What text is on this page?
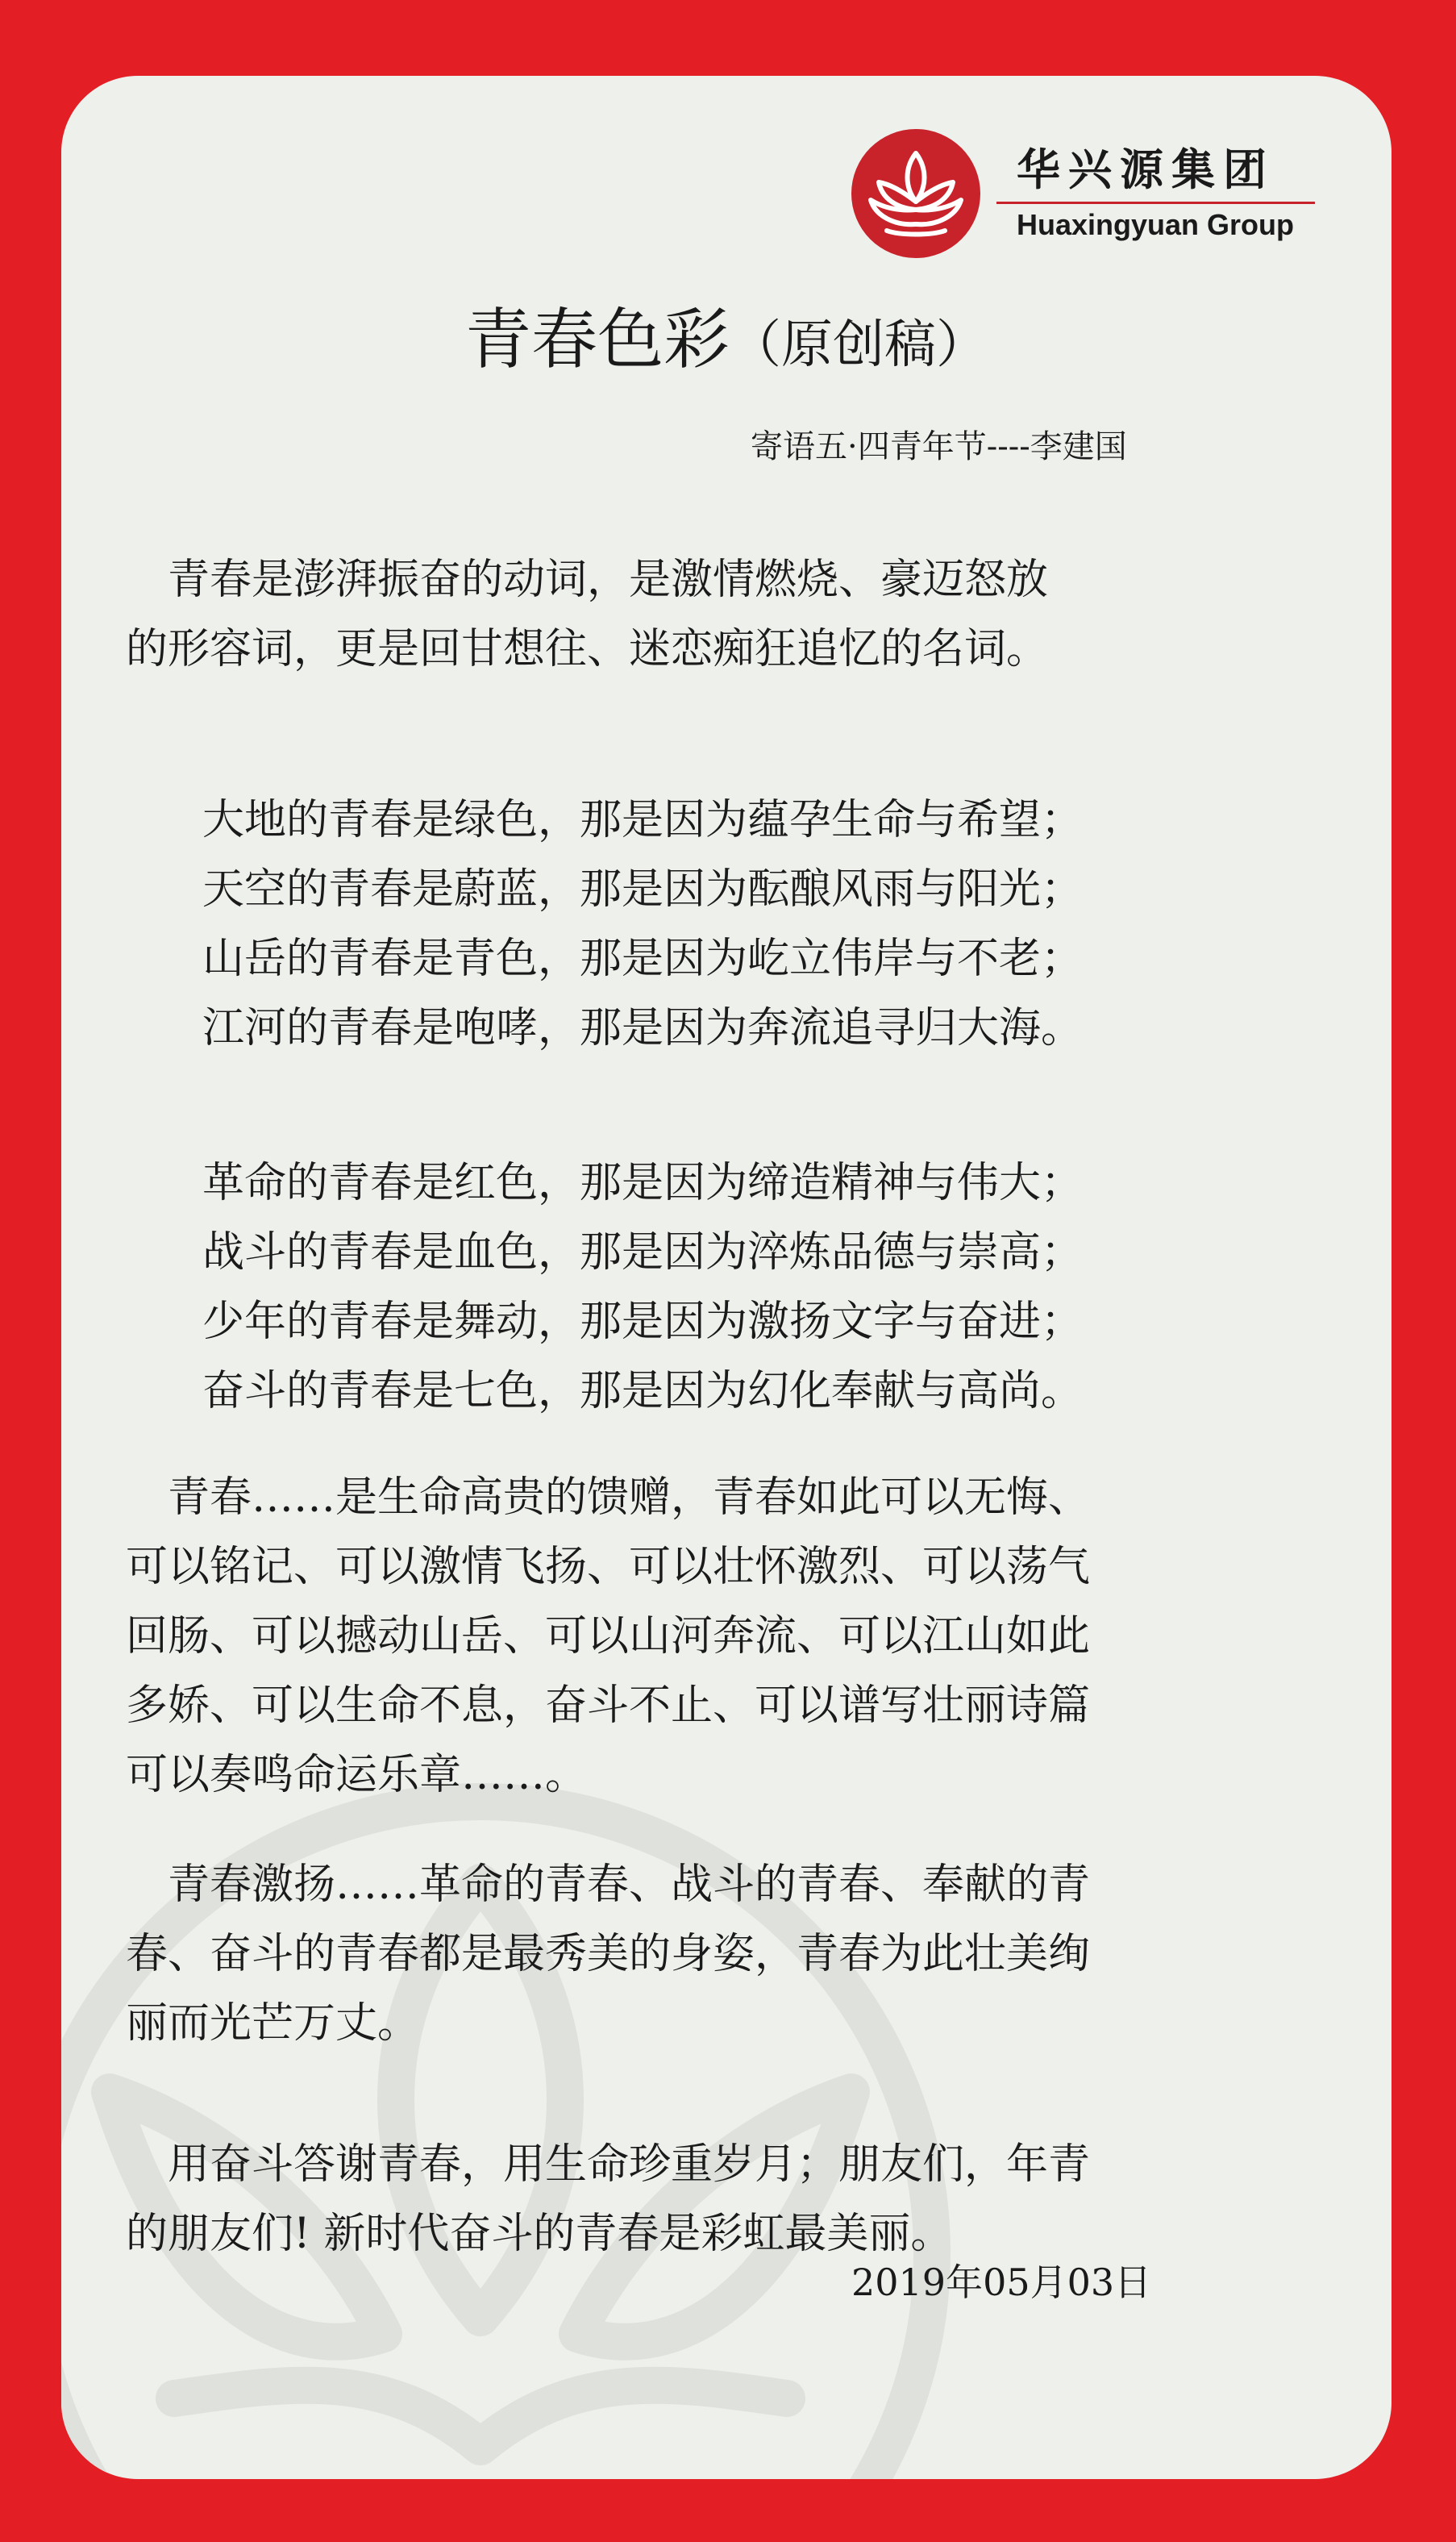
华兴源集团
Huaxingyuan Group
青春色彩（原创稿）
寄语五·四青年节----李建国
　青春是澎湃振奋的动词，是激情燃烧、豪迈怒放
的形容词，更是回甘想往、迷恋痴狂追忆的名词。
大地的青春是绿色，那是因为蕴孕生命与希望；
天空的青春是蔚蓝，那是因为酝酿风雨与阳光；
山岳的青春是青色，那是因为屹立伟岸与不老；
江河的青春是咆哮，那是因为奔流追寻归大海。
革命的青春是红色，那是因为缔造精神与伟大；
战斗的青春是血色，那是因为淬炼品德与崇高；
少年的青春是舞动，那是因为激扬文字与奋进；
奋斗的青春是七色，那是因为幻化奉献与高尚。
　青春……是生命高贵的馈赠，青春如此可以无悔、
可以铭记、可以激情飞扬、可以壮怀激烈、可以荡气
回肠、可以撼动山岳、可以山河奔流、可以江山如此
多娇、可以生命不息，奋斗不止、可以谱写壮丽诗篇
可以奏鸣命运乐章……。
　青春激扬……革命的青春、战斗的青春、奉献的青
春、奋斗的青春都是最秀美的身姿，青春为此壮美绚
丽而光芒万丈。
　用奋斗答谢青春，用生命珍重岁月；朋友们，年青
的朋友们! 新时代奋斗的青春是彩虹最美丽。
2019年05月03日
